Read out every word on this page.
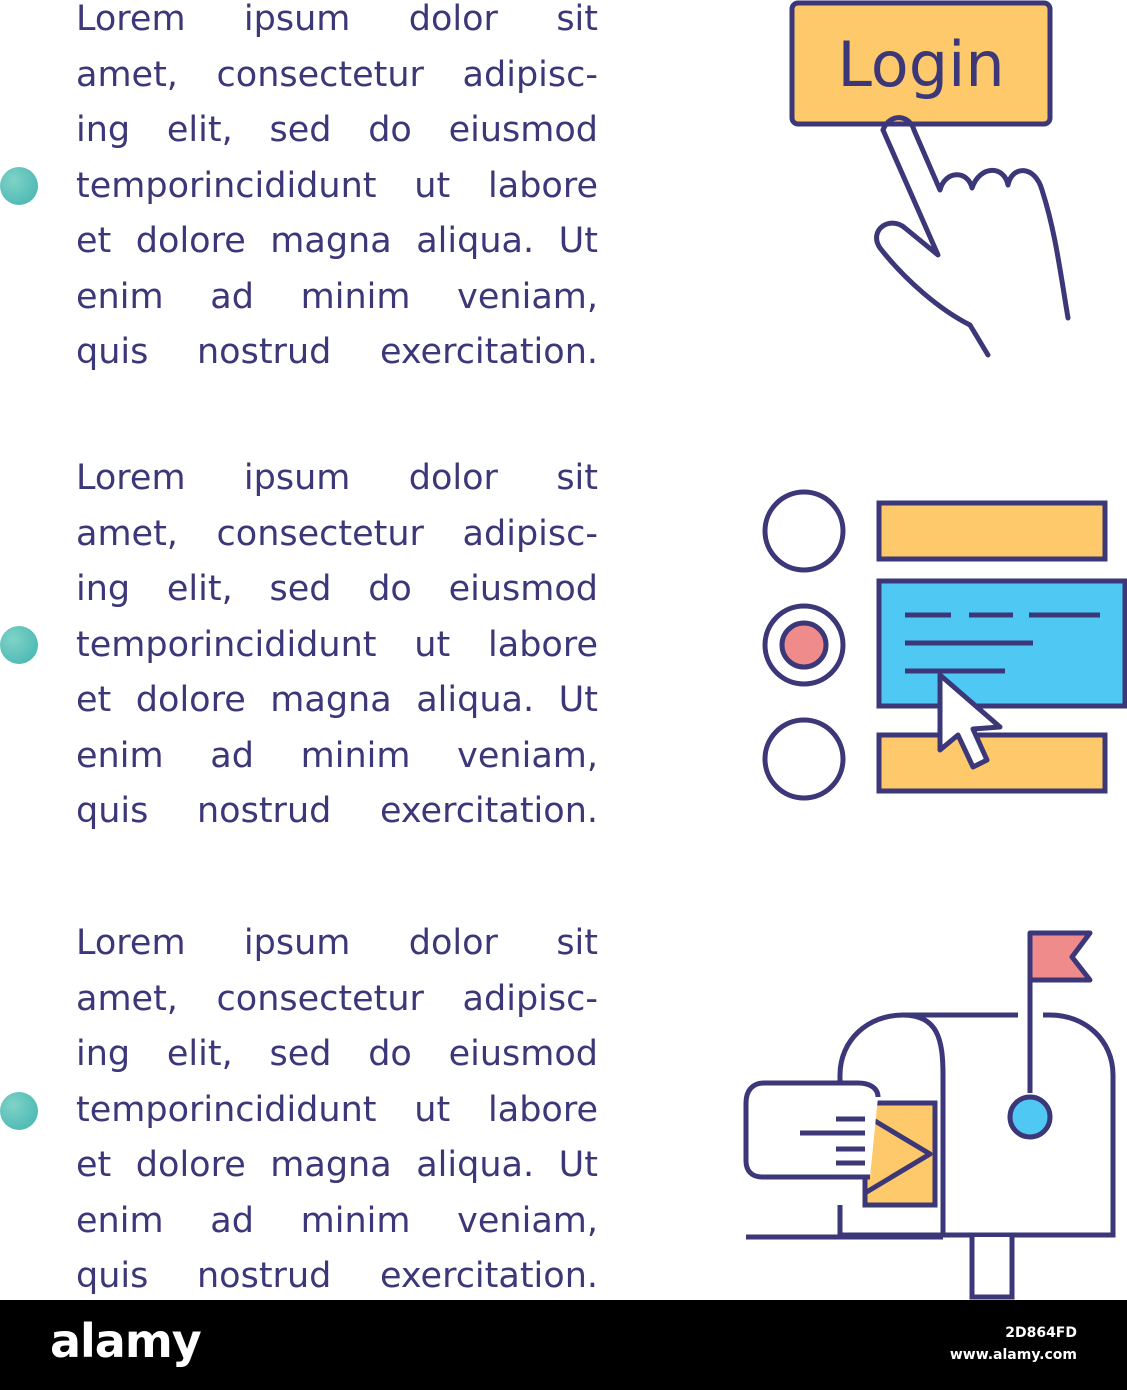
Lorem ipsum dolor sit
amet, consectetur adipisc-
ing elit, sed do eiusmod
temporincididunt ut labore
et dolore magna aliqua. Ut
enim ad minim veniam,
quis nostrud exercitation.

Login

Lorem ipsum dolor sit
amet, consectetur adipisc-
ing elit, sed do eiusmod
temporincididunt ut labore
et dolore magna aliqua. Ut
enim ad minim veniam,
quis nostrud exercitation.

Lorem ipsum dolor sit
amet, consectetur adipisc-
ing elit, sed do eiusmod
temporincididunt ut labore
et dolore magna aliqua. Ut
enim ad minim veniam,
quis nostrud exercitation.

alamy	2D864FD
www.alamy.com
